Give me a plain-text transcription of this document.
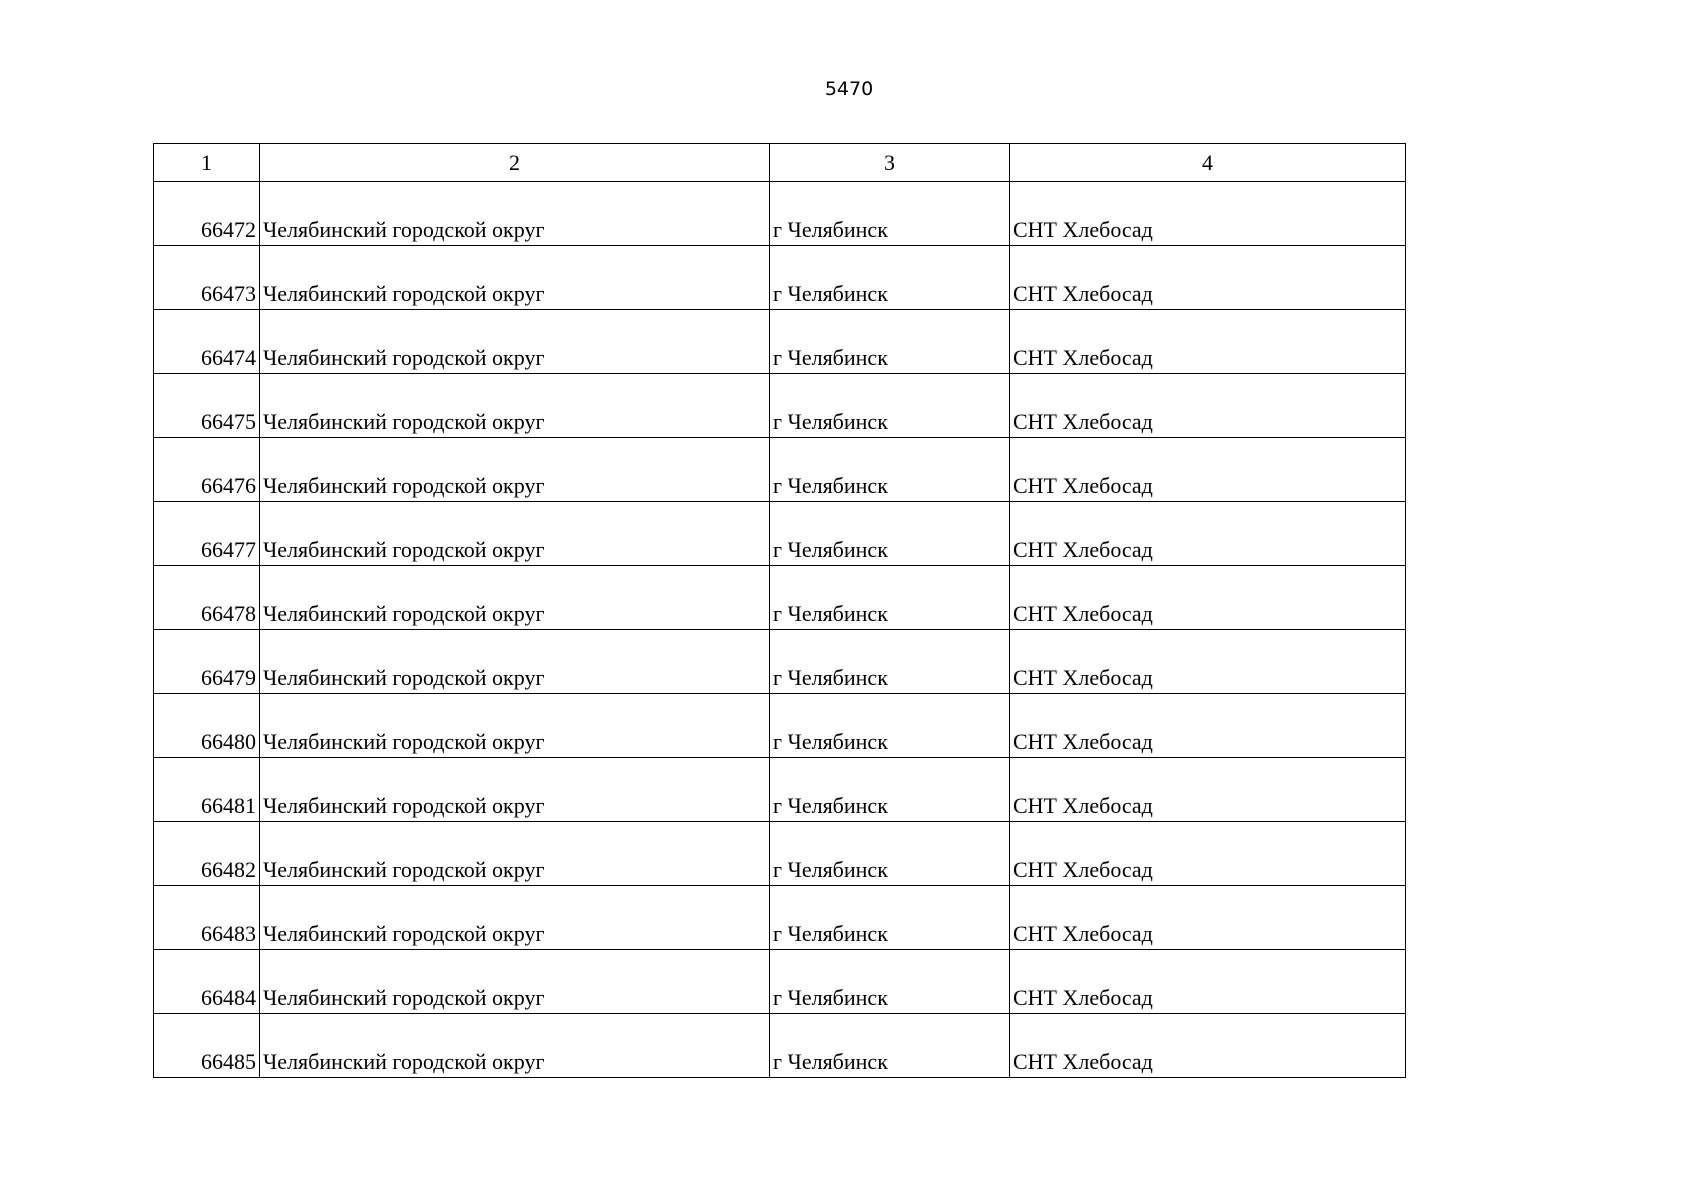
5470
1	2	3	4
66472	Челябинский городской округ	г Челябинск	СНТ Хлебосад
66473	Челябинский городской округ	г Челябинск	СНТ Хлебосад
66474	Челябинский городской округ	г Челябинск	СНТ Хлебосад
66475	Челябинский городской округ	г Челябинск	СНТ Хлебосад
66476	Челябинский городской округ	г Челябинск	СНТ Хлебосад
66477	Челябинский городской округ	г Челябинск	СНТ Хлебосад
66478	Челябинский городской округ	г Челябинск	СНТ Хлебосад
66479	Челябинский городской округ	г Челябинск	СНТ Хлебосад
66480	Челябинский городской округ	г Челябинск	СНТ Хлебосад
66481	Челябинский городской округ	г Челябинск	СНТ Хлебосад
66482	Челябинский городской округ	г Челябинск	СНТ Хлебосад
66483	Челябинский городской округ	г Челябинск	СНТ Хлебосад
66484	Челябинский городской округ	г Челябинск	СНТ Хлебосад
66485	Челябинский городской округ	г Челябинск	СНТ Хлебосад
